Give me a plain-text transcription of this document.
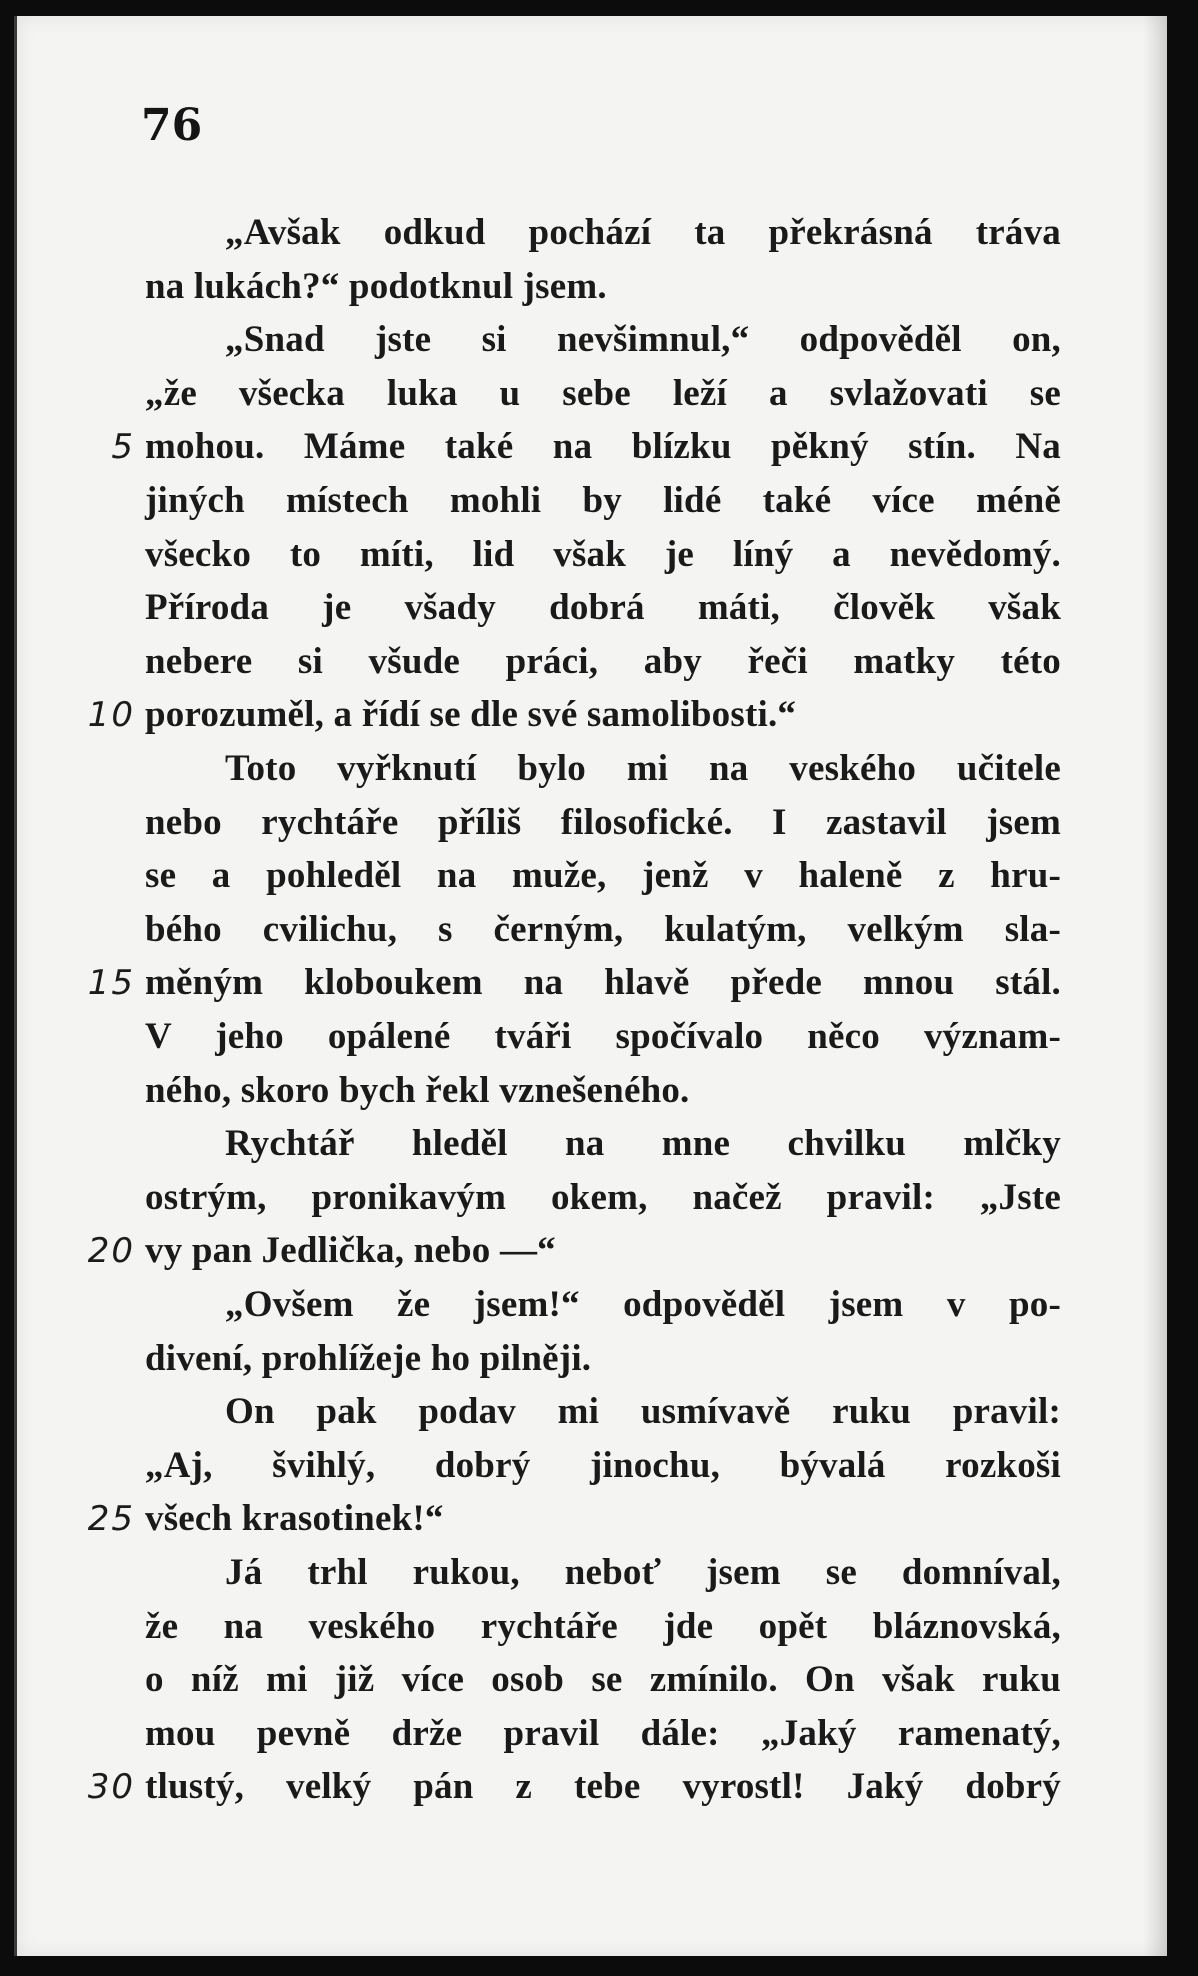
76
„Avšak odkud pochází ta překrásná tráva
na lukách?“ podotknul jsem.
„Snad jste si nevšimnul,“ odpověděl on,
„že všecka luka u sebe leží a svlažovati se
mohou. Máme také na blízku pěkný stín. Na
jiných místech mohli by lidé také více méně
všecko to míti, lid však je líný a nevědomý.
Příroda je všady dobrá máti, člověk však
nebere si všude práci, aby řeči matky této
porozuměl, a řídí se dle své samolibosti.“
Toto vyřknutí bylo mi na veského učitele
nebo rychtáře příliš filosofické. I zastavil jsem
se a pohleděl na muže, jenž v haleně z hru-
bého cvilichu, s černým, kulatým, velkým sla-
měným kloboukem na hlavě přede mnou stál.
V jeho opálené tváři spočívalo něco význam-
ného, skoro bych řekl vznešeného.
Rychtář hleděl na mne chvilku mlčky
ostrým, pronikavým okem, načež pravil: „Jste
vy pan Jedlička, nebo —“
„Ovšem že jsem!“ odpověděl jsem v po-
divení, prohlížeje ho pilněji.
On pak podav mi usmívavě ruku pravil:
„Aj, švihlý, dobrý jinochu, bývalá rozkoši
všech krasotinek!“
Já trhl rukou, neboť jsem se domníval,
že na veského rychtáře jde opět bláznovská,
o níž mi již více osob se zmínilo. On však ruku
mou pevně drže pravil dále: „Jaký ramenatý,
tlustý, velký pán z tebe vyrostl! Jaký dobrý
5
10
15
20
25
30
